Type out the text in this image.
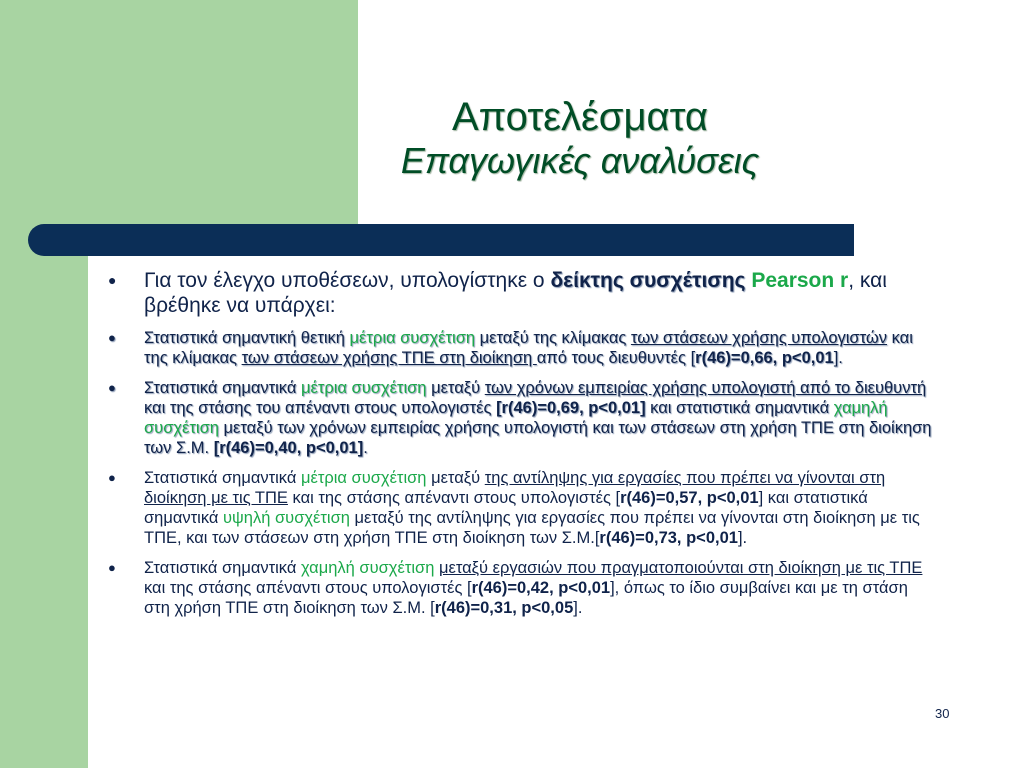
Αποτελέσματα
Επαγωγικές αναλύσεις
● Για τον έλεγχο υποθέσεων, υπολογίστηκε ο δείκτης συσχέτισης Pearson r, και βρέθηκε να υπάρχει:
● Στατιστικά σημαντική θετική μέτρια συσχέτιση μεταξύ της κλίμακας των στάσεων χρήσης υπολογιστών και της κλίμακας των στάσεων χρήσης ΤΠΕ στη διοίκηση από τους διευθυντές [r(46)=0,66, p<0,01].
● Στατιστικά σημαντικά μέτρια συσχέτιση μεταξύ των χρόνων εμπειρίας χρήσης υπολογιστή από το διευθυντή και της στάσης του απέναντι στους υπολογιστές [r(46)=0,69, p<0,01] και στατιστικά σημαντικά χαμηλή συσχέτιση μεταξύ των χρόνων εμπειρίας χρήσης υπολογιστή και των στάσεων στη χρήση ΤΠΕ στη διοίκηση των Σ.Μ. [r(46)=0,40, p<0,01].
● Στατιστικά σημαντικά μέτρια συσχέτιση μεταξύ της αντίληψης για εργασίες που πρέπει να γίνονται στη διοίκηση με τις ΤΠΕ και της στάσης απέναντι στους υπολογιστές [r(46)=0,57, p<0,01] και στατιστικά σημαντικά υψηλή συσχέτιση μεταξύ της αντίληψης για εργασίες που πρέπει να γίνονται στη διοίκηση με τις ΤΠΕ, και των στάσεων στη χρήση ΤΠΕ στη διοίκηση των Σ.Μ.[r(46)=0,73, p<0,01].
● Στατιστικά σημαντικά χαμηλή συσχέτιση μεταξύ εργασιών που πραγματοποιούνται στη διοίκηση με τις ΤΠΕ και της στάσης απέναντι στους υπολογιστές [r(46)=0,42, p<0,01], όπως το ίδιο συμβαίνει και με τη στάση στη χρήση ΤΠΕ στη διοίκηση των Σ.Μ. [r(46)=0,31, p<0,05].
30
